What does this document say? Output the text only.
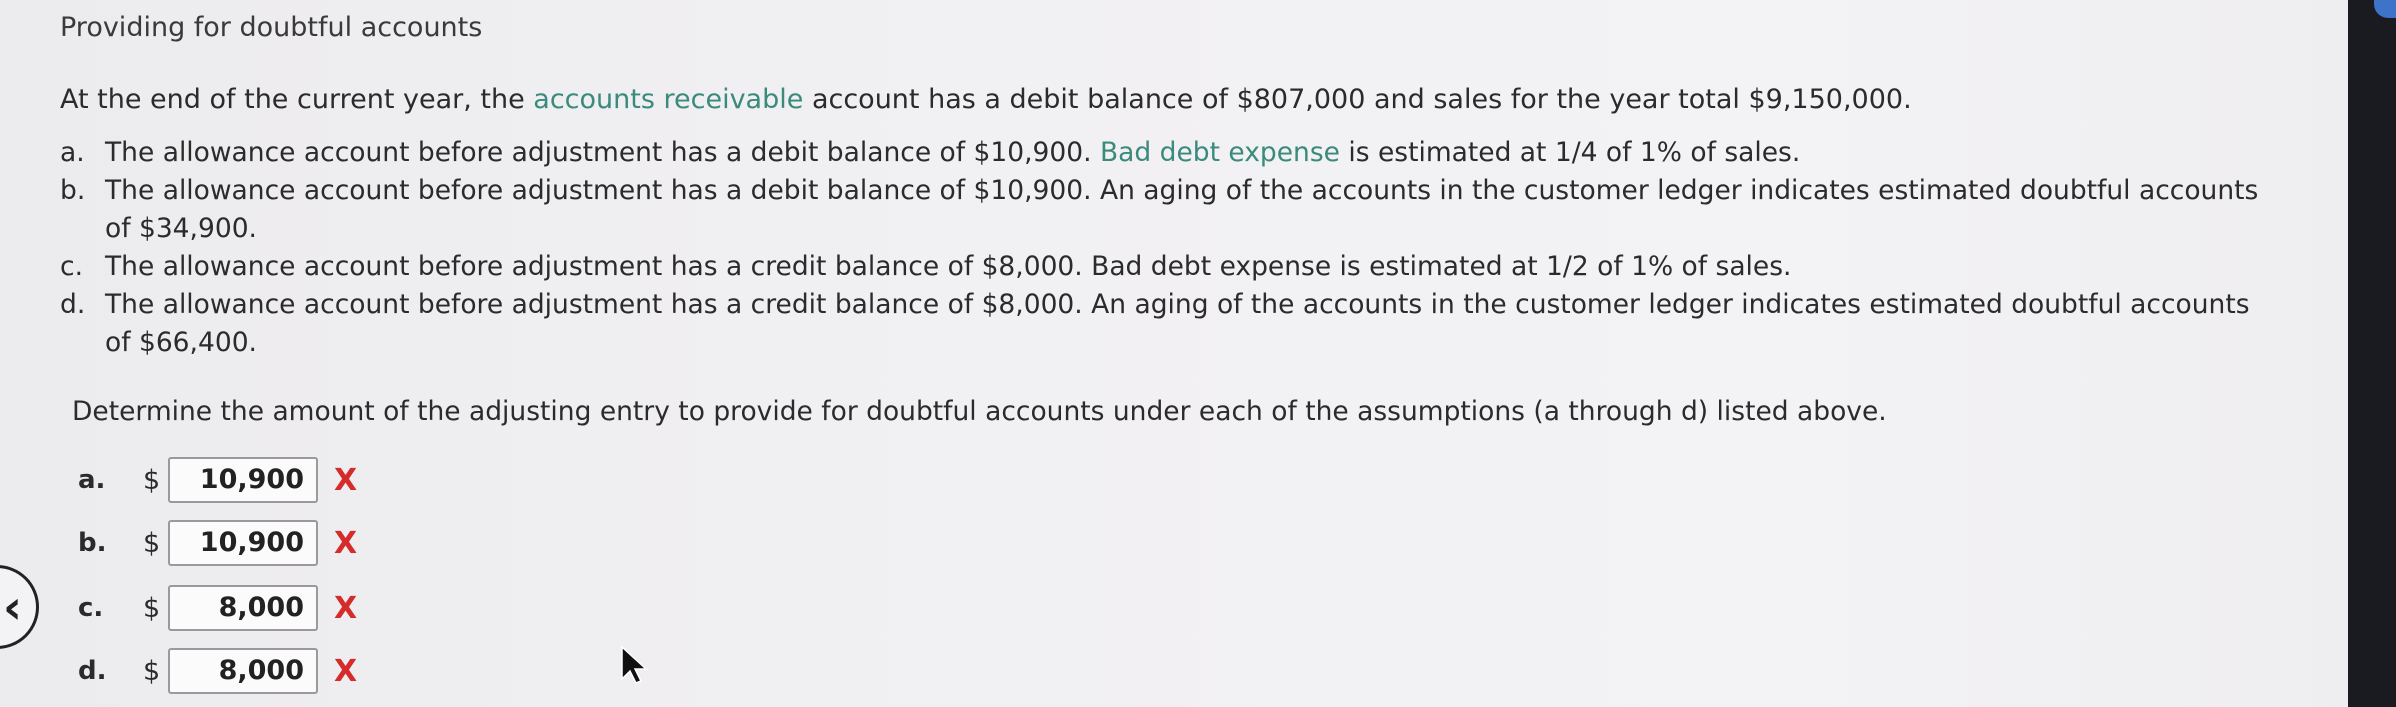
Providing for doubtful accounts
At the end of the current year, the accounts receivable account has a debit balance of $807,000 and sales for the year total $9,150,000.
a. The allowance account before adjustment has a debit balance of $10,900. Bad debt expense is estimated at 1/4 of 1% of sales.
b. The allowance account before adjustment has a debit balance of $10,900. An aging of the accounts in the customer ledger indicates estimated doubtful accounts of $34,900.
c. The allowance account before adjustment has a credit balance of $8,000. Bad debt expense is estimated at 1/2 of 1% of sales.
d. The allowance account before adjustment has a credit balance of $8,000. An aging of the accounts in the customer ledger indicates estimated doubtful accounts of $66,400.
Determine the amount of the adjusting entry to provide for doubtful accounts under each of the assumptions (a through d) listed above.
a.	$	10,900	X
b.	$	10,900	X
c.	$	8,000	X
d.	$	8,000	X
‹
